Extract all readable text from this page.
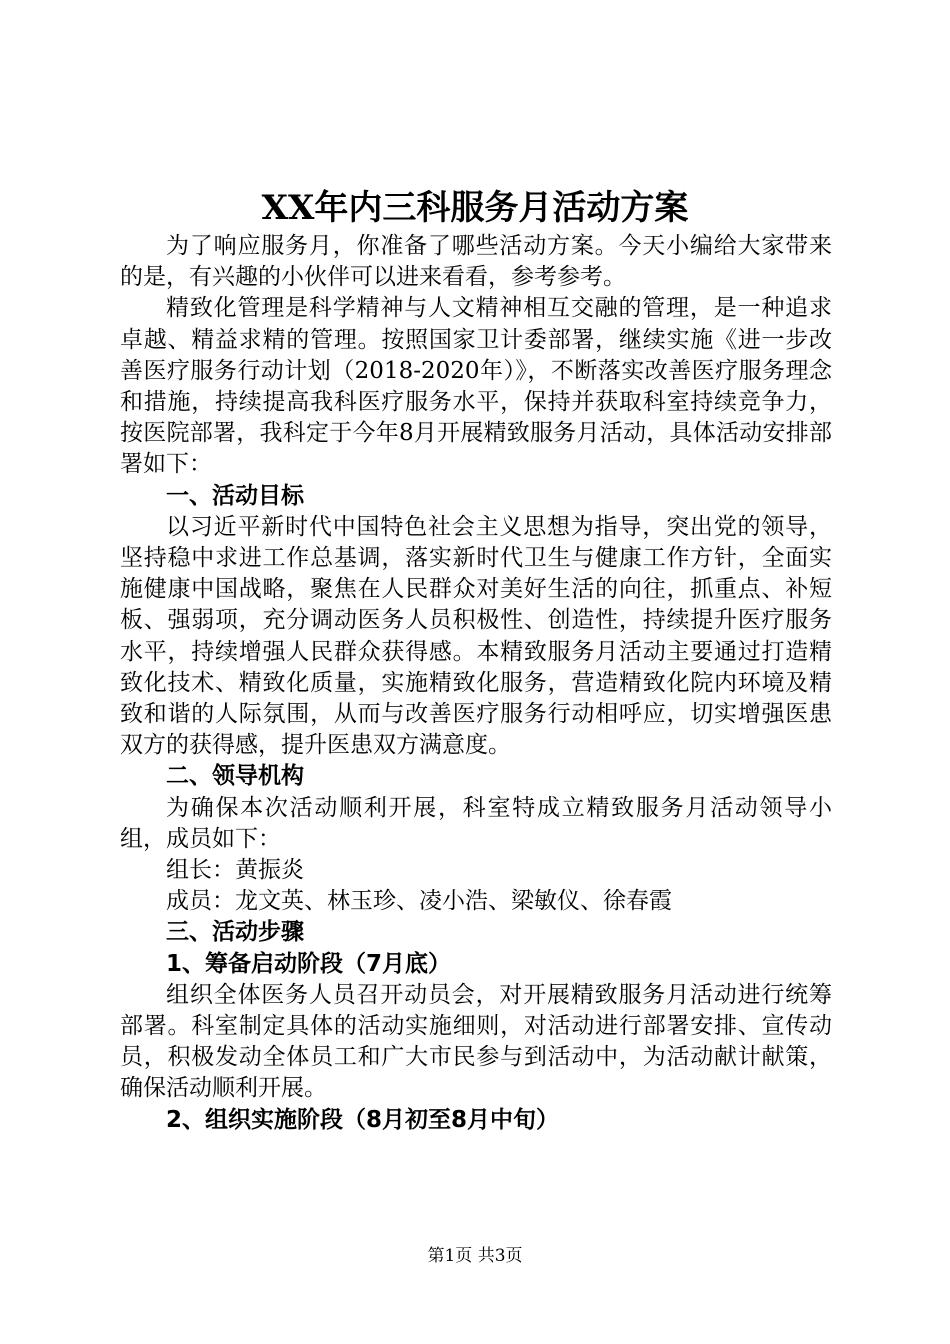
XX年内三科服务月活动方案

为了响应服务月，你准备了哪些活动方案。今天小编给大家带来的是，有兴趣的小伙伴可以进来看看，参考参考。

精致化管理是科学精神与人文精神相互交融的管理，是一种追求卓越、精益求精的管理。按照国家卫计委部署，继续实施《进一步改善医疗服务行动计划（2018-2020年）》，不断落实改善医疗服务理念和措施，持续提高我科医疗服务水平，保持并获取科室持续竞争力，按医院部署，我科定于今年8月开展精致服务月活动，具体活动安排部署如下：

一、活动目标

以习近平新时代中国特色社会主义思想为指导，突出党的领导，坚持稳中求进工作总基调，落实新时代卫生与健康工作方针，全面实施健康中国战略，聚焦在人民群众对美好生活的向往，抓重点、补短板、强弱项，充分调动医务人员积极性、创造性，持续提升医疗服务水平，持续增强人民群众获得感。本精致服务月活动主要通过打造精致化技术、精致化质量，实施精致化服务，营造精致化院内环境及精致和谐的人际氛围，从而与改善医疗服务行动相呼应，切实增强医患双方的获得感，提升医患双方满意度。

二、领导机构

为确保本次活动顺利开展，科室特成立精致服务月活动领导小组，成员如下：

组长：黄振炎

成员：龙文英、林玉珍、凌小浩、梁敏仪、徐春霞

三、活动步骤

1、筹备启动阶段（7月底）

组织全体医务人员召开动员会，对开展精致服务月活动进行统筹部署。科室制定具体的活动实施细则，对活动进行部署安排、宣传动员，积极发动全体员工和广大市民参与到活动中，为活动献计献策，确保活动顺利开展。

2、组织实施阶段（8月初至8月中旬）

第1页 共3页
